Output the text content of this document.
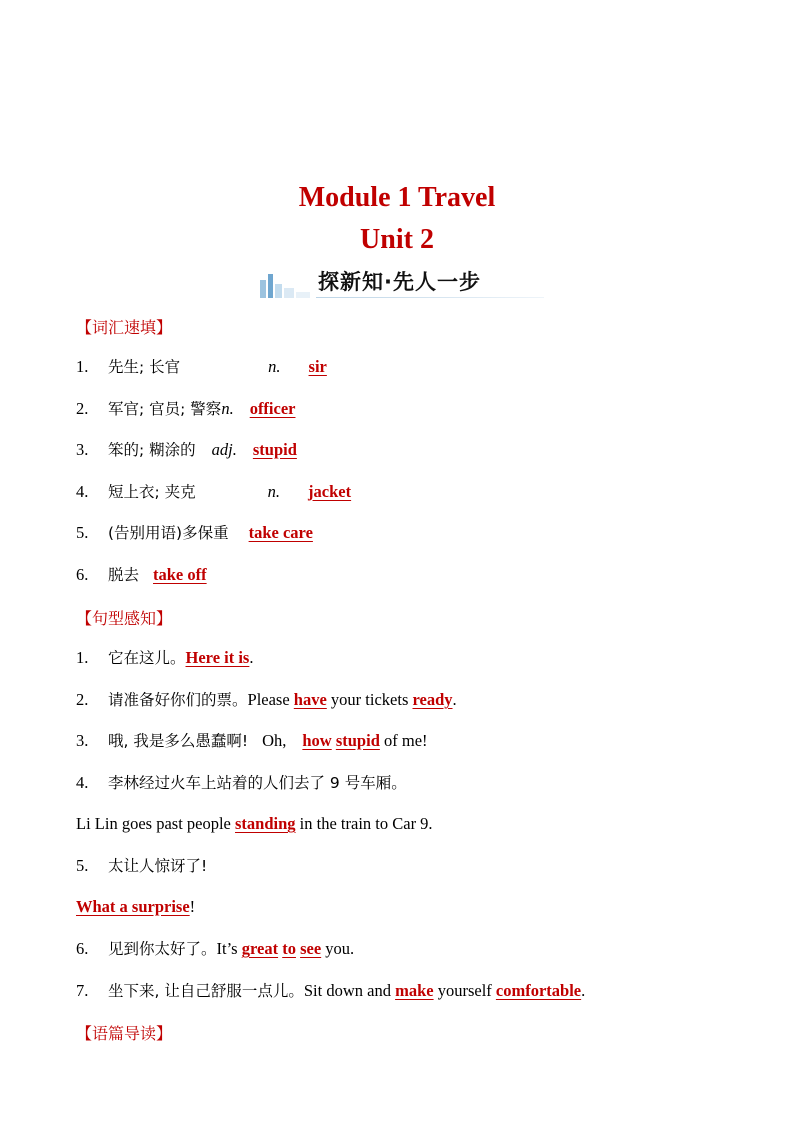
Module 1 Travel
Unit 2
探新知·先人一步
【词汇速填】
1. 先生; 长官	n. sir
2. 军官; 官员; 警察n. officer
3. 笨的; 糊涂的 adj. stupid
4. 短上衣; 夹克	n. jacket
5. (告别用语)多保重 take care
6. 脱去 take off
【句型感知】
1. 它在这儿。Here it is.
2. 请准备好你们的票。Please have your tickets ready.
3. 哦, 我是多么愚蠢啊! Oh, how stupid of me!
4. 李林经过火车上站着的人们去了 9 号车厢。
Li Lin goes past people standing in the train to Car 9.
5. 太让人惊讶了!
What a surprise!
6. 见到你太好了。It’s great to see you.
7. 坐下来, 让自己舒服一点儿。Sit down and make yourself comfortable.
【语篇导读】
